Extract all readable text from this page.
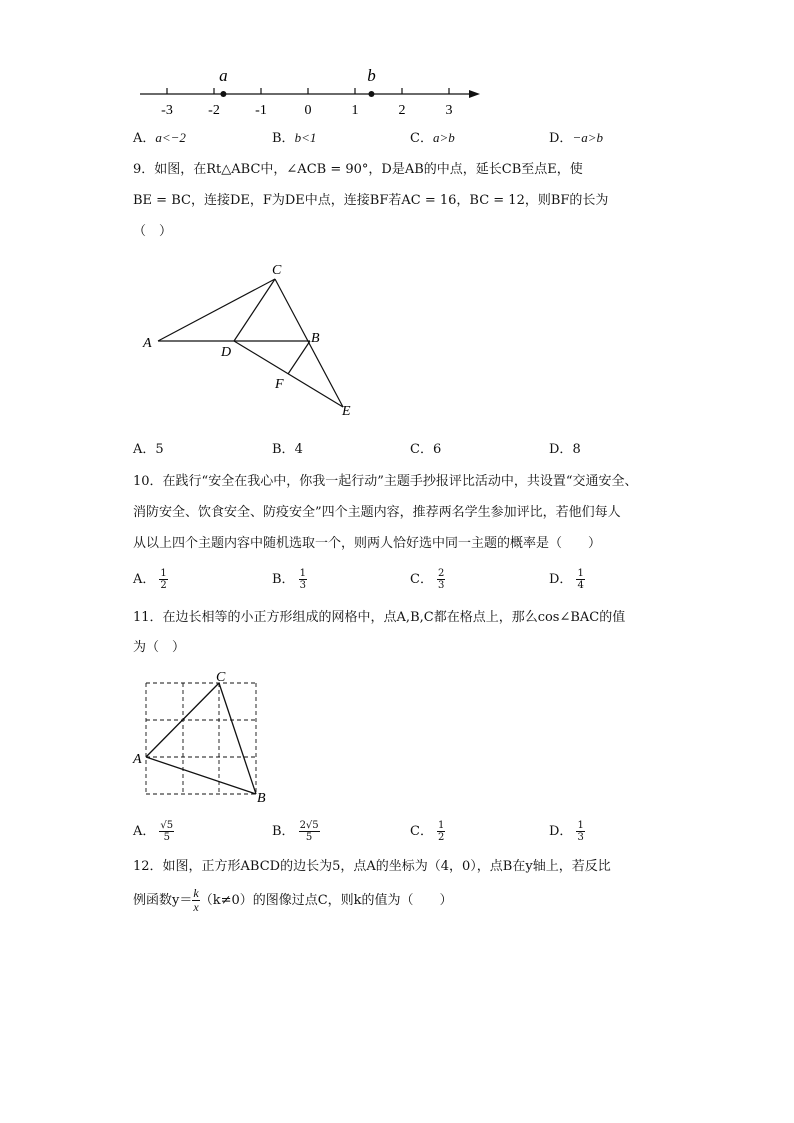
-3	-2	-1	0	1	2	3
a	b
A．a<−2	B．b<1	C．a>b	D．−a>b
9．如图，在Rt△ABC中，∠ACB = 90°，D是AB的中点，延长CB至点E，使
BE = BC，连接DE，F为DE中点，连接BF若AC = 16，BC = 12，则BF的长为
（　）
A
C
B
D
F
E
A．5	B．4	C．6	D．8
10．在践行“安全在我心中，你我一起行动”主题手抄报评比活动中，共设置“交通安全、
消防安全、饮食安全、防疫安全”四个主题内容，推荐两名学生参加评比，若他们每人
从以上四个主题内容中随机选取一个，则两人恰好选中同一主题的概率是（　　）
A． $\frac{1}{2}$	B． $\frac{1}{3}$	C． $\frac{2}{3}$	D． $\frac{1}{4}$
11．在边长相等的小正方形组成的网格中，点A,B,C都在格点上，那么cos∠BAC的值
为（　）
A
C
B
A． $\frac{√5}{5}$	B． $\frac{2√5}{5}$	C． $\frac{1}{2}$	D． $\frac{1}{3}$
12．如图，正方形ABCD的边长为5，点A的坐标为（4，0），点B在y轴上，若反比
例函数$y= \frac{k}{x} (k\ne 0)$的图像过点C，则k的值为（　　）
